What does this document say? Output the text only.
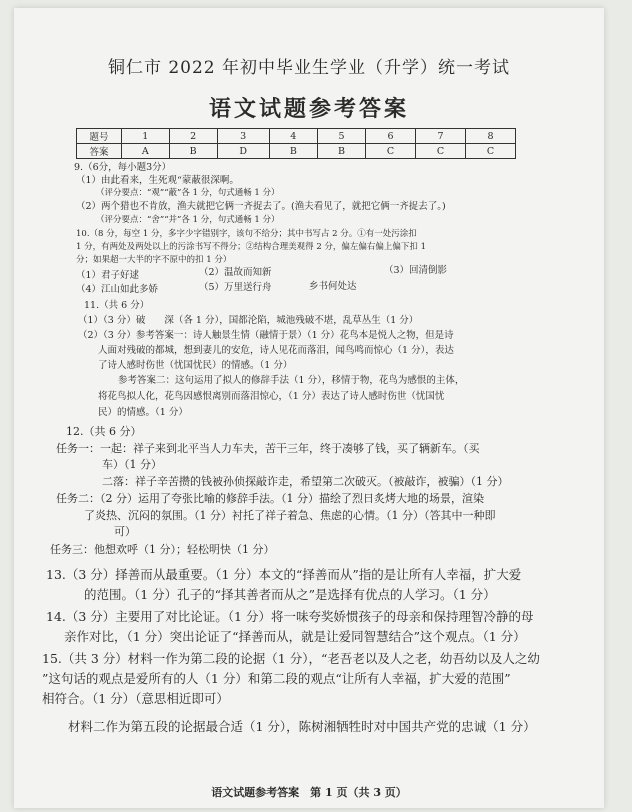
铜仁市 2022 年初中毕业生学业（升学）统一考试
语文试题参考答案
题号	1	2	3	4	5	6	7	8
答案	A	B	D	B	B	C	C	C
9.（6分，每小题3分）
（1）由此看来，生死观“蒙蔽很深啊。
（评分要点：“观”“蔽”各 1 分，句式通畅 1 分）
（2）两个猎也不肯放，渔夫就把它俩一齐捉去了。(渔夫看见了，就把它俩一齐捉去了。)
（评分要点：“舍”“并”各 1 分，句式通畅 1 分）
10.（8 分，每空 1 分，多字少字错别字，该句不给分；其中书写占 2 分。①有一处污涂扣
1 分，有两处及两处以上的污涂书写不得分；②结构合理美观得 2 分，偏左偏右偏上偏下扣 1
分；如果超一大半的字不原中的扣 1 分）
（1）君子好逑	（2）温故而知新	（3）回清倒影
（4）江山如此多娇	（5）万里送行舟	乡书何处达
11.（共 6 分）
（1）（3 分）破　　深（各 1 分），国都沦陷，城池残破不堪，乱草丛生（1 分）
（2）（3 分）参考答案一：诗人触景生情（融情于景）（1 分）花鸟本是悦人之物，但是诗
人面对残破的都城，想到妻儿的安危，诗人见花而落泪，闻鸟鸣而惊心（1 分），表达
了诗人感时伤世（忧国忧民）的情感。（1 分）
参考答案二：这句运用了拟人的修辞手法（1 分），移情于物，花鸟为感恨的主体，
将花鸟拟人化，花鸟因感恨离别而落泪惊心，（1 分）表达了诗人感时伤世（忧国忧
民）的情感。（1 分）
12.（共 6 分）
任务一：一起：祥子来到北平当人力车夫，苦干三年，终于凑够了钱，买了辆新车。（买
车）（1 分）
二落：祥子辛苦攒的钱被孙侦探敲诈走，希望第二次破灭。（被敲诈，被骗）（1 分）
任务二：（2 分）运用了夸张比喻的修辞手法。（1 分）描绘了烈日炙烤大地的场景，渲染
了炎热、沉闷的氛围。（1 分）衬托了祥子着急、焦虑的心情。（1 分）（答其中一种即
可）
任务三：他想欢呼（1 分）；轻松明快（1 分）
13.（3 分）择善而从最重要。（1 分）本文的“择善而从”指的是让所有人幸福，扩大爱
的范围。（1 分）孔子的“择其善者而从之”是选择有优点的人学习。（1 分）
14.（3 分）主要用了对比论证。（1 分）将一味夸奖娇惯孩子的母亲和保持理智冷静的母
亲作对比，（1 分）突出论证了“择善而从，就是让爱同智慧结合”这个观点。（1 分）
15.（共 3 分）材料一作为第二段的论据（1 分），“老吾老以及人之老，幼吾幼以及人之幼
”这句话的观点是爱所有的人（1 分）和第二段的观点“让所有人幸福，扩大爱的范围”
相符合。（1 分）（意思相近即可）
材料二作为第五段的论据最合适（1 分），陈树湘牺牲时对中国共产党的忠诚（1 分）
语文试题参考答案　第 1 页（共 3 页）
